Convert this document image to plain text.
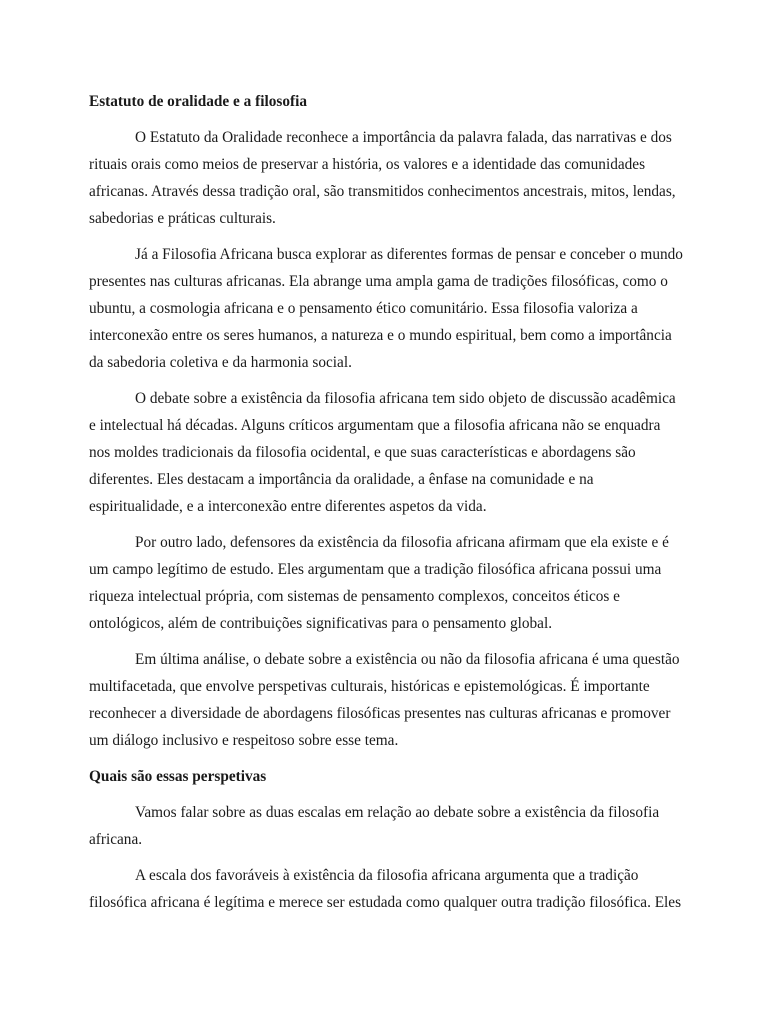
Estatuto de oralidade e a filosofia
O Estatuto da Oralidade reconhece a importância da palavra falada, das narrativas e dos
rituais orais como meios de preservar a história, os valores e a identidade das comunidades
africanas. Através dessa tradição oral, são transmitidos conhecimentos ancestrais, mitos, lendas,
sabedorias e práticas culturais.
Já a Filosofia Africana busca explorar as diferentes formas de pensar e conceber o mundo
presentes nas culturas africanas. Ela abrange uma ampla gama de tradições filosóficas, como o
ubuntu, a cosmologia africana e o pensamento ético comunitário. Essa filosofia valoriza a
interconexão entre os seres humanos, a natureza e o mundo espiritual, bem como a importância
da sabedoria coletiva e da harmonia social.
O debate sobre a existência da filosofia africana tem sido objeto de discussão acadêmica
e intelectual há décadas. Alguns críticos argumentam que a filosofia africana não se enquadra
nos moldes tradicionais da filosofia ocidental, e que suas características e abordagens são
diferentes. Eles destacam a importância da oralidade, a ênfase na comunidade e na
espiritualidade, e a interconexão entre diferentes aspetos da vida.
Por outro lado, defensores da existência da filosofia africana afirmam que ela existe e é
um campo legítimo de estudo. Eles argumentam que a tradição filosófica africana possui uma
riqueza intelectual própria, com sistemas de pensamento complexos, conceitos éticos e
ontológicos, além de contribuições significativas para o pensamento global.
Em última análise, o debate sobre a existência ou não da filosofia africana é uma questão
multifacetada, que envolve perspetivas culturais, históricas e epistemológicas. É importante
reconhecer a diversidade de abordagens filosóficas presentes nas culturas africanas e promover
um diálogo inclusivo e respeitoso sobre esse tema.
Quais são essas perspetivas
Vamos falar sobre as duas escalas em relação ao debate sobre a existência da filosofia
africana.
A escala dos favoráveis à existência da filosofia africana argumenta que a tradição
filosófica africana é legítima e merece ser estudada como qualquer outra tradição filosófica. Eles
